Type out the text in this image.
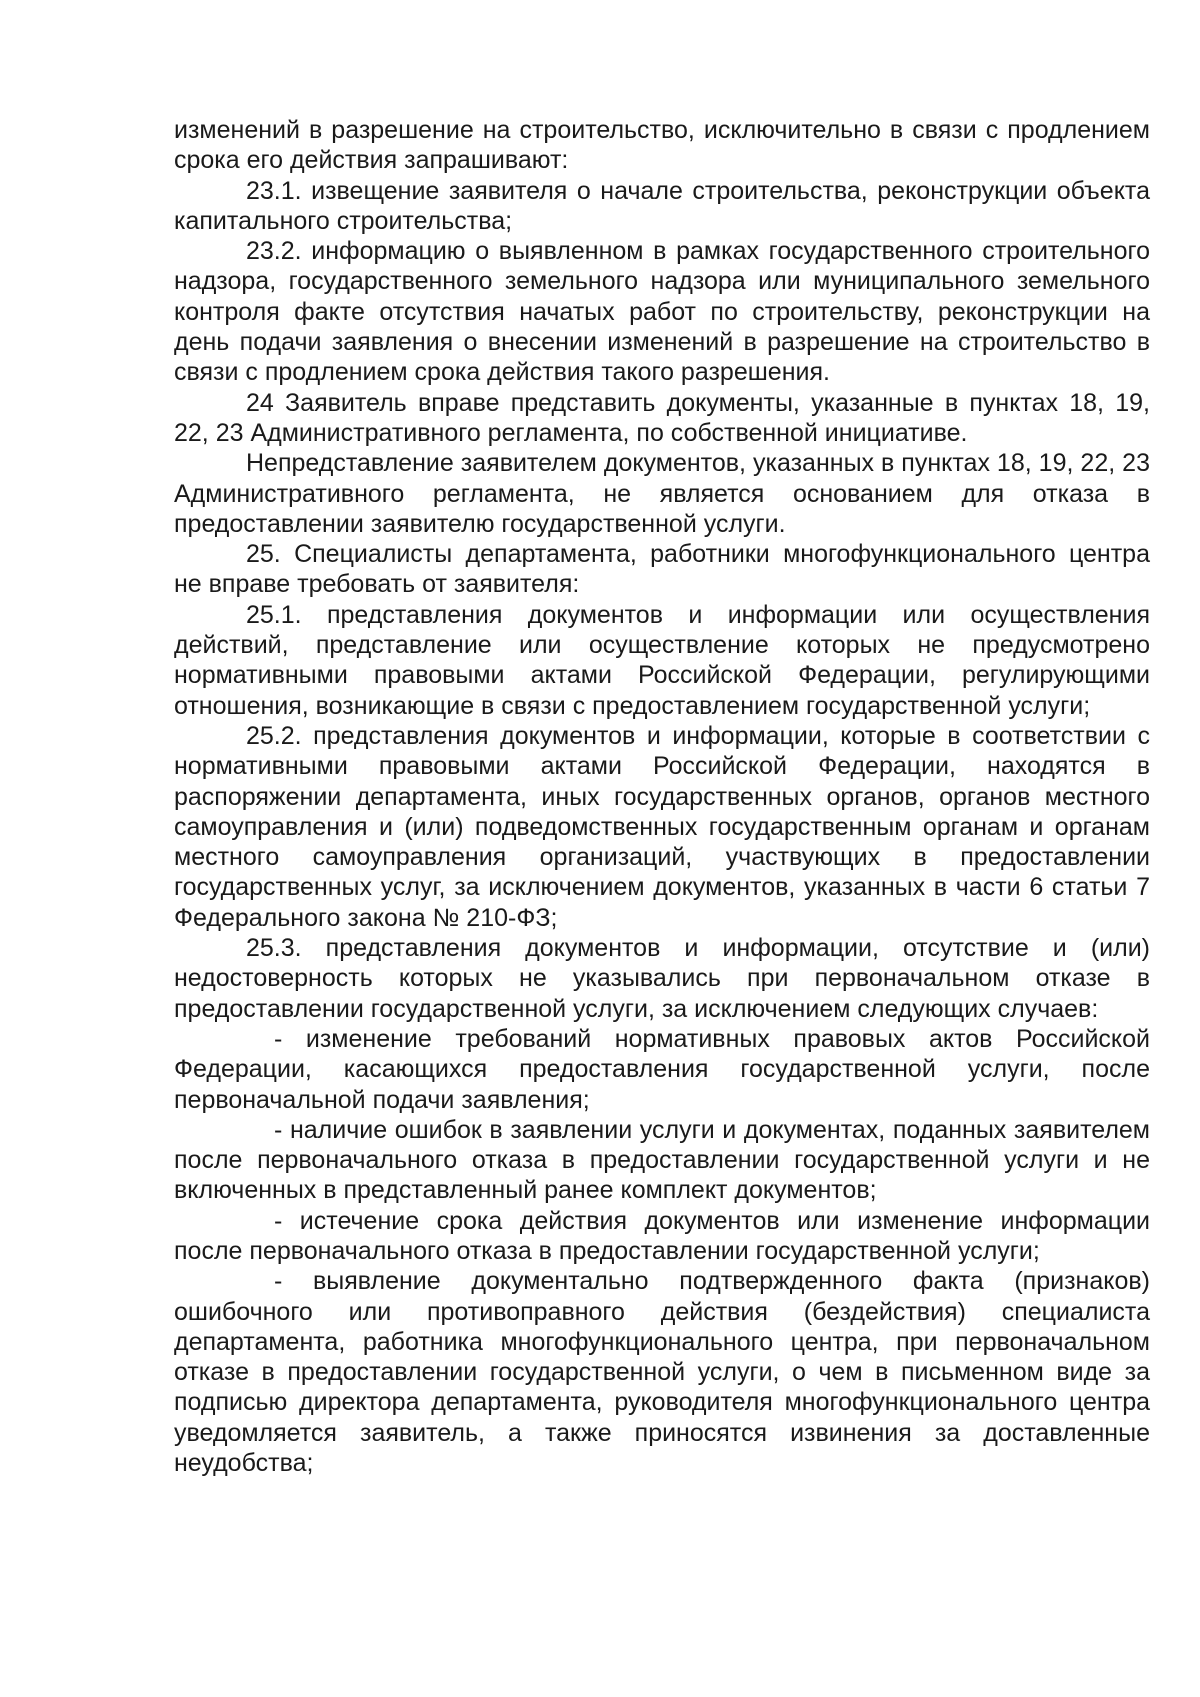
изменений в разрешение на строительство, исключительно в связи с продлением срока его действия запрашивают:

23.1. извещение заявителя о начале строительства, реконструкции объекта капитального строительства;

23.2. информацию о выявленном в рамках государственного строительного надзора, государственного земельного надзора или муниципального земельного контроля факте отсутствия начатых работ по строительству, реконструкции на день подачи заявления о внесении изменений в разрешение на строительство в связи с продлением срока действия такого разрешения.

24 Заявитель вправе представить документы, указанные в пунктах 18, 19, 22, 23 Административного регламента, по собственной инициативе.

Непредставление заявителем документов, указанных в пунктах 18, 19, 22, 23 Административного регламента, не является основанием для отказа в предоставлении заявителю государственной услуги.

25. Специалисты департамента, работники многофункционального центра не вправе требовать от заявителя:

25.1. представления документов и информации или осуществления действий, представление или осуществление которых не предусмотрено нормативными правовыми актами Российской Федерации, регулирующими отношения, возникающие в связи с предоставлением государственной услуги;

25.2. представления документов и информации, которые в соответствии с нормативными правовыми актами Российской Федерации, находятся в распоряжении департамента, иных государственных органов, органов местного самоуправления и (или) подведомственных государственным органам и органам местного самоуправления организаций, участвующих в предоставлении государственных услуг, за исключением документов, указанных в части 6 статьи 7 Федерального закона № 210-ФЗ;

25.3. представления документов и информации, отсутствие и (или) недостоверность которых не указывались при первоначальном отказе в предоставлении государственной услуги, за исключением следующих случаев:

- изменение требований нормативных правовых актов Российской Федерации, касающихся предоставления государственной услуги, после первоначальной подачи заявления;

- наличие ошибок в заявлении услуги и документах, поданных заявителем после первоначального отказа в предоставлении государственной услуги и не включенных в представленный ранее комплект документов;

- истечение срока действия документов или изменение информации после первоначального отказа в предоставлении государственной услуги;

- выявление документально подтвержденного факта (признаков) ошибочного или противоправного действия (бездействия) специалиста департамента, работника многофункционального центра, при первоначальном отказе в предоставлении государственной услуги, о чем в письменном виде за подписью директора департамента, руководителя многофункционального центра уведомляется заявитель, а также приносятся извинения за доставленные неудобства;
